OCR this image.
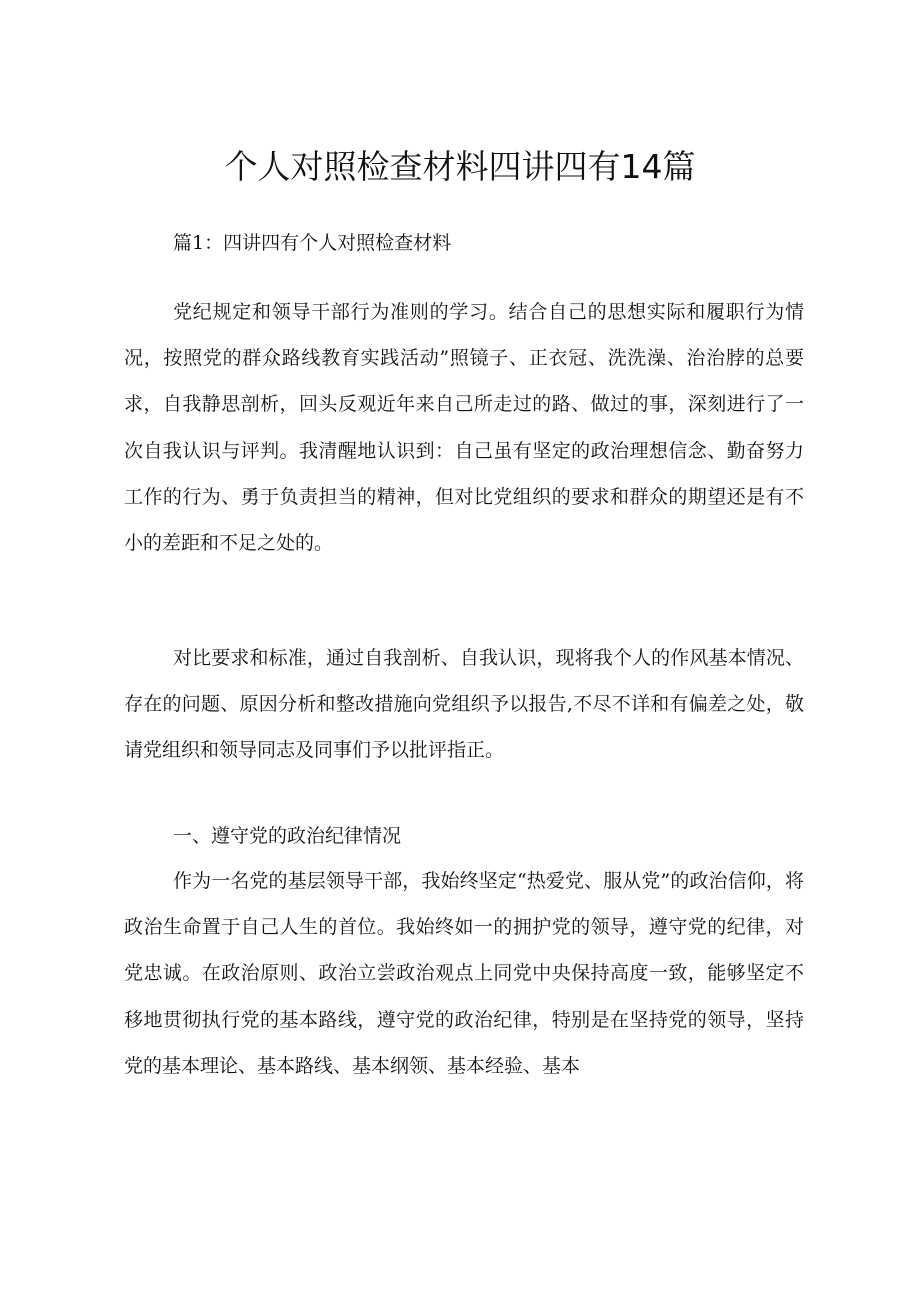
个人对照检查材料四讲四有14篇

篇1：四讲四有个人对照检查材料

党纪规定和领导干部行为准则的学习。结合自己的思想实际和履职行为情况，按照党的群众路线教育实践活动”照镜子、正衣冠、洗洗澡、治治脖的总要求，自我静思剖析，回头反观近年来自己所走过的路、做过的事，深刻进行了一次自我认识与评判。我清醒地认识到：自己虽有坚定的政治理想信念、勤奋努力工作的行为、勇于负责担当的精神，但对比党组织的要求和群众的期望还是有不小的差距和不足之处的。

对比要求和标准，通过自我剖析、自我认识，现将我个人的作风基本情况、存在的问题、原因分析和整改措施向党组织予以报告,不尽不详和有偏差之处，敬请党组织和领导同志及同事们予以批评指正。

一、遵守党的政治纪律情况

作为一名党的基层领导干部，我始终坚定“热爱党、服从党”的政治信仰，将政治生命置于自己人生的首位。我始终如一的拥护党的领导，遵守党的纪律，对党忠诚。在政治原则、政治立尝政治观点上同党中央保持高度一致，能够坚定不移地贯彻执行党的基本路线，遵守党的政治纪律，特别是在坚持党的领导，坚持党的基本理论、基本路线、基本纲领、基本经验、基本
